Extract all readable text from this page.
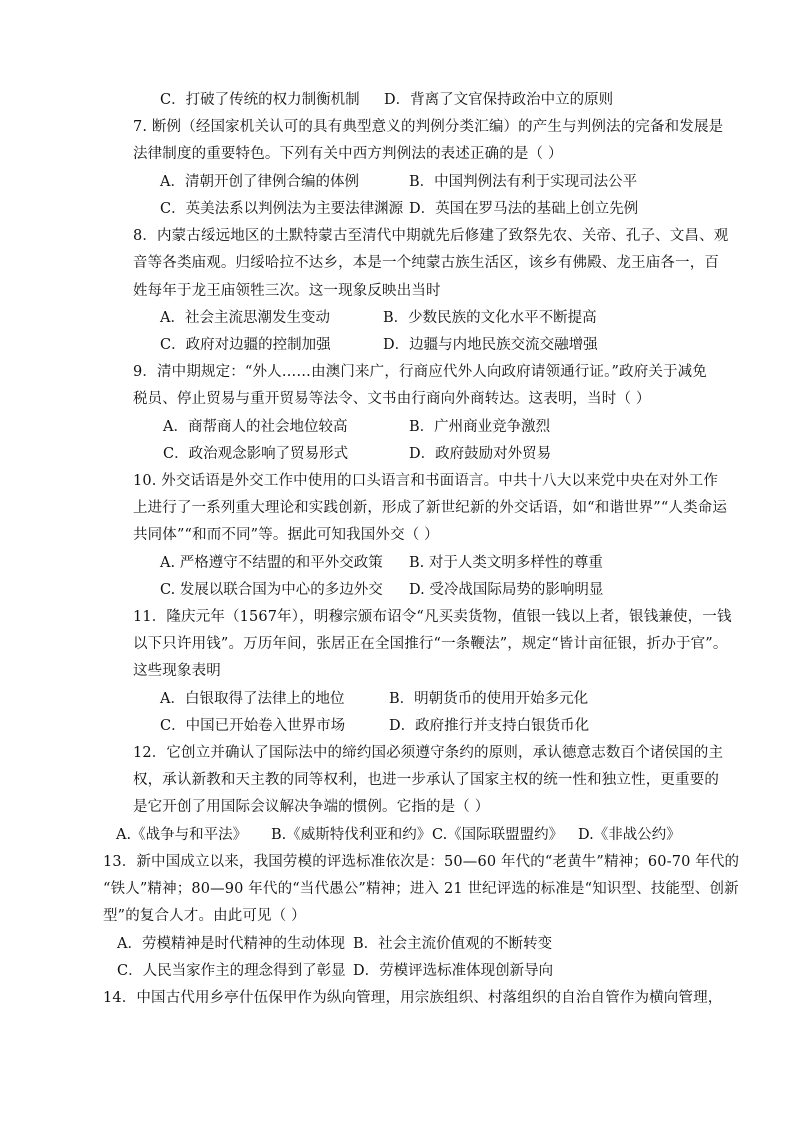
C．打破了传统的权力制衡机制 D．背离了文官保持政治中立的原则
7. 断例（经国家机关认可的具有典型意义的判例分类汇编）的产生与判例法的完备和发展是
法律制度的重要特色。下列有关中西方判例法的表述正确的是（ ）
A．清朝开创了律例合编的体例	B．中国判例法有利于实现司法公平
C．英美法系以判例法为主要法律渊源 D．英国在罗马法的基础上创立先例
8．内蒙古绥远地区的土默特蒙古至清代中期就先后修建了致祭先农、关帝、孔子、文昌、观
音等各类庙观。归绥哈拉不达乡，本是一个纯蒙古族生活区，该乡有佛殿、龙王庙各一，百
姓每年于龙王庙领牲三次。这一现象反映出当时
A．社会主流思潮发生变动	B．少数民族的文化水平不断提高
C．政府对边疆的控制加强	D．边疆与内地民族交流交融增强
9．清中期规定：“外人……由澳门来广，行商应代外人向政府请领通行证。”政府关于减免
税员、停止贸易与重开贸易等法令、文书由行商向外商转达。这表明，当时（ ）
A．商帮商人的社会地位较高	B．广州商业竞争激烈
C．政治观念影响了贸易形式	D．政府鼓励对外贸易
10. 外交话语是外交工作中使用的口头语言和书面语言。中共十八大以来党中央在对外工作
上进行了一系列重大理论和实践创新，形成了新世纪新的外交话语，如“和谐世界”“人类命运
共同体”“和而不同”等。据此可知我国外交（ ）
A. 严格遵守不结盟的和平外交政策 B. 对于人类文明多样性的尊重
C. 发展以联合国为中心的多边外交 D. 受冷战国际局势的影响明显
11．隆庆元年（1567年），明穆宗颁布诏令“凡买卖货物，值银一钱以上者，银钱兼使，一钱
以下只许用钱”。万历年间，张居正在全国推行“一条鞭法”，规定“皆计亩征银，折办于官”。
这些现象表明
A．白银取得了法律上的地位	B．明朝货币的使用开始多元化
C．中国已开始卷入世界市场	D．政府推行并支持白银货币化
12．它创立并确认了国际法中的缔约国必须遵守条约的原则，承认德意志数百个诸侯国的主
权，承认新教和天主教的同等权利，也进一步承认了国家主权的统一性和独立性，更重要的
是它开创了用国际会议解决争端的惯例。它指的是（ ）
A.《战争与和平法》 B.《威斯特伐利亚和约》 C.《国际联盟盟约》 D.《非战公约》
13．新中国成立以来，我国劳模的评选标准依次是：50—60 年代的“老黄牛”精神；60-70 年代的
“铁人”精神；80—90 年代的“当代愚公”精神；进入 21 世纪评选的标准是“知识型、技能型、创新
型”的复合人才。由此可见（ ）
A．劳模精神是时代精神的生动体现 B．社会主流价值观的不断转变
C．人民当家作主的理念得到了彰显 D．劳模评选标准体现创新导向
14．中国古代用乡亭什伍保甲作为纵向管理，用宗族组织、村落组织的自治自管作为横向管理，
